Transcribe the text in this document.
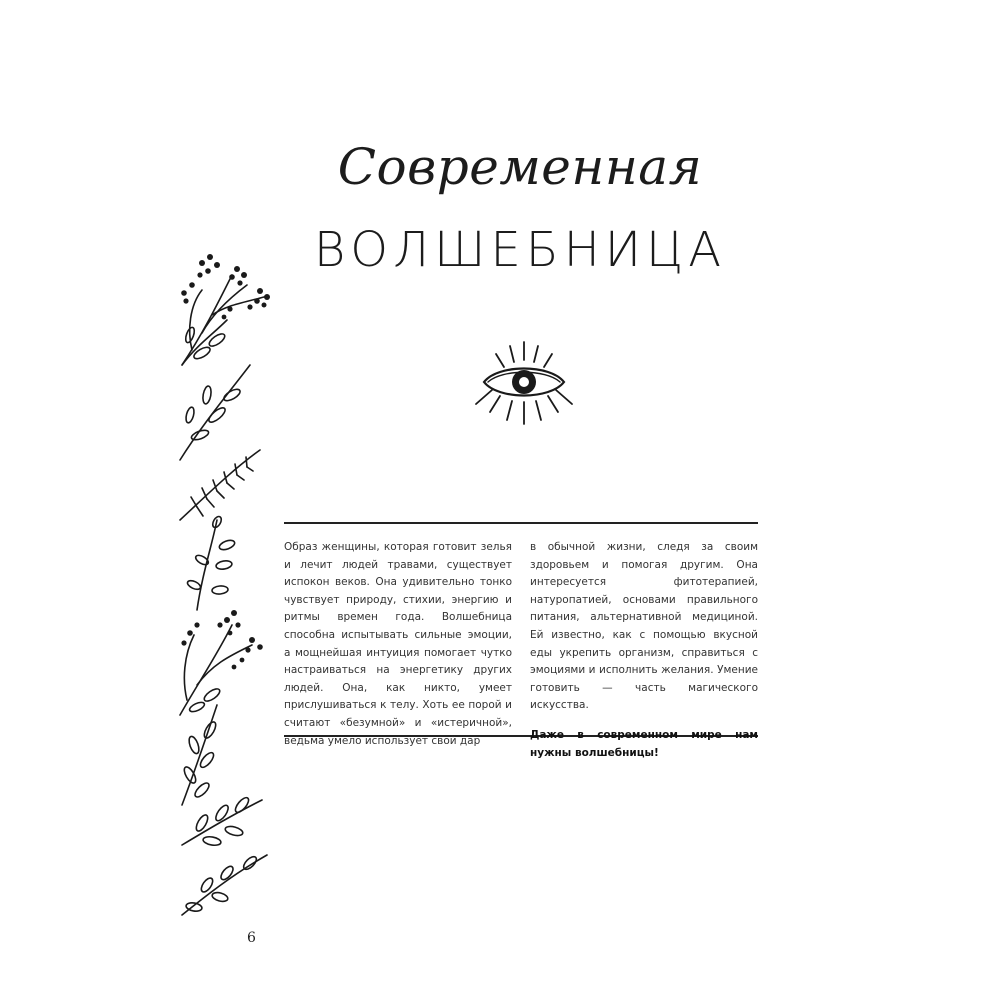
Современная
ВОЛШЕБНИЦА

Образ женщины, которая готовит зелья и лечит людей травами, существует испокон веков. Она удивительно тонко чувствует природу, стихии, энергию и ритмы времен года. Волшебница способна испытывать сильные эмоции, а мощнейшая интуиция помогает чутко настраиваться на энергетику других людей. Она, как никто, умеет прислушиваться к телу. Хоть ее порой и считают «безумной» и «истеричной», ведьма умело использует свой дар

в обычной жизни, следя за своим здоровьем и помогая другим. Она интересуется фитотерапией, натуропатией, основами правильного питания, альтернативной медициной. Ей известно, как с помощью вкусной еды укрепить организм, справиться с эмоциями и исполнить желания. Умение готовить — часть магического искусства.

Даже в современном мире нам нужны волшебницы!

6
